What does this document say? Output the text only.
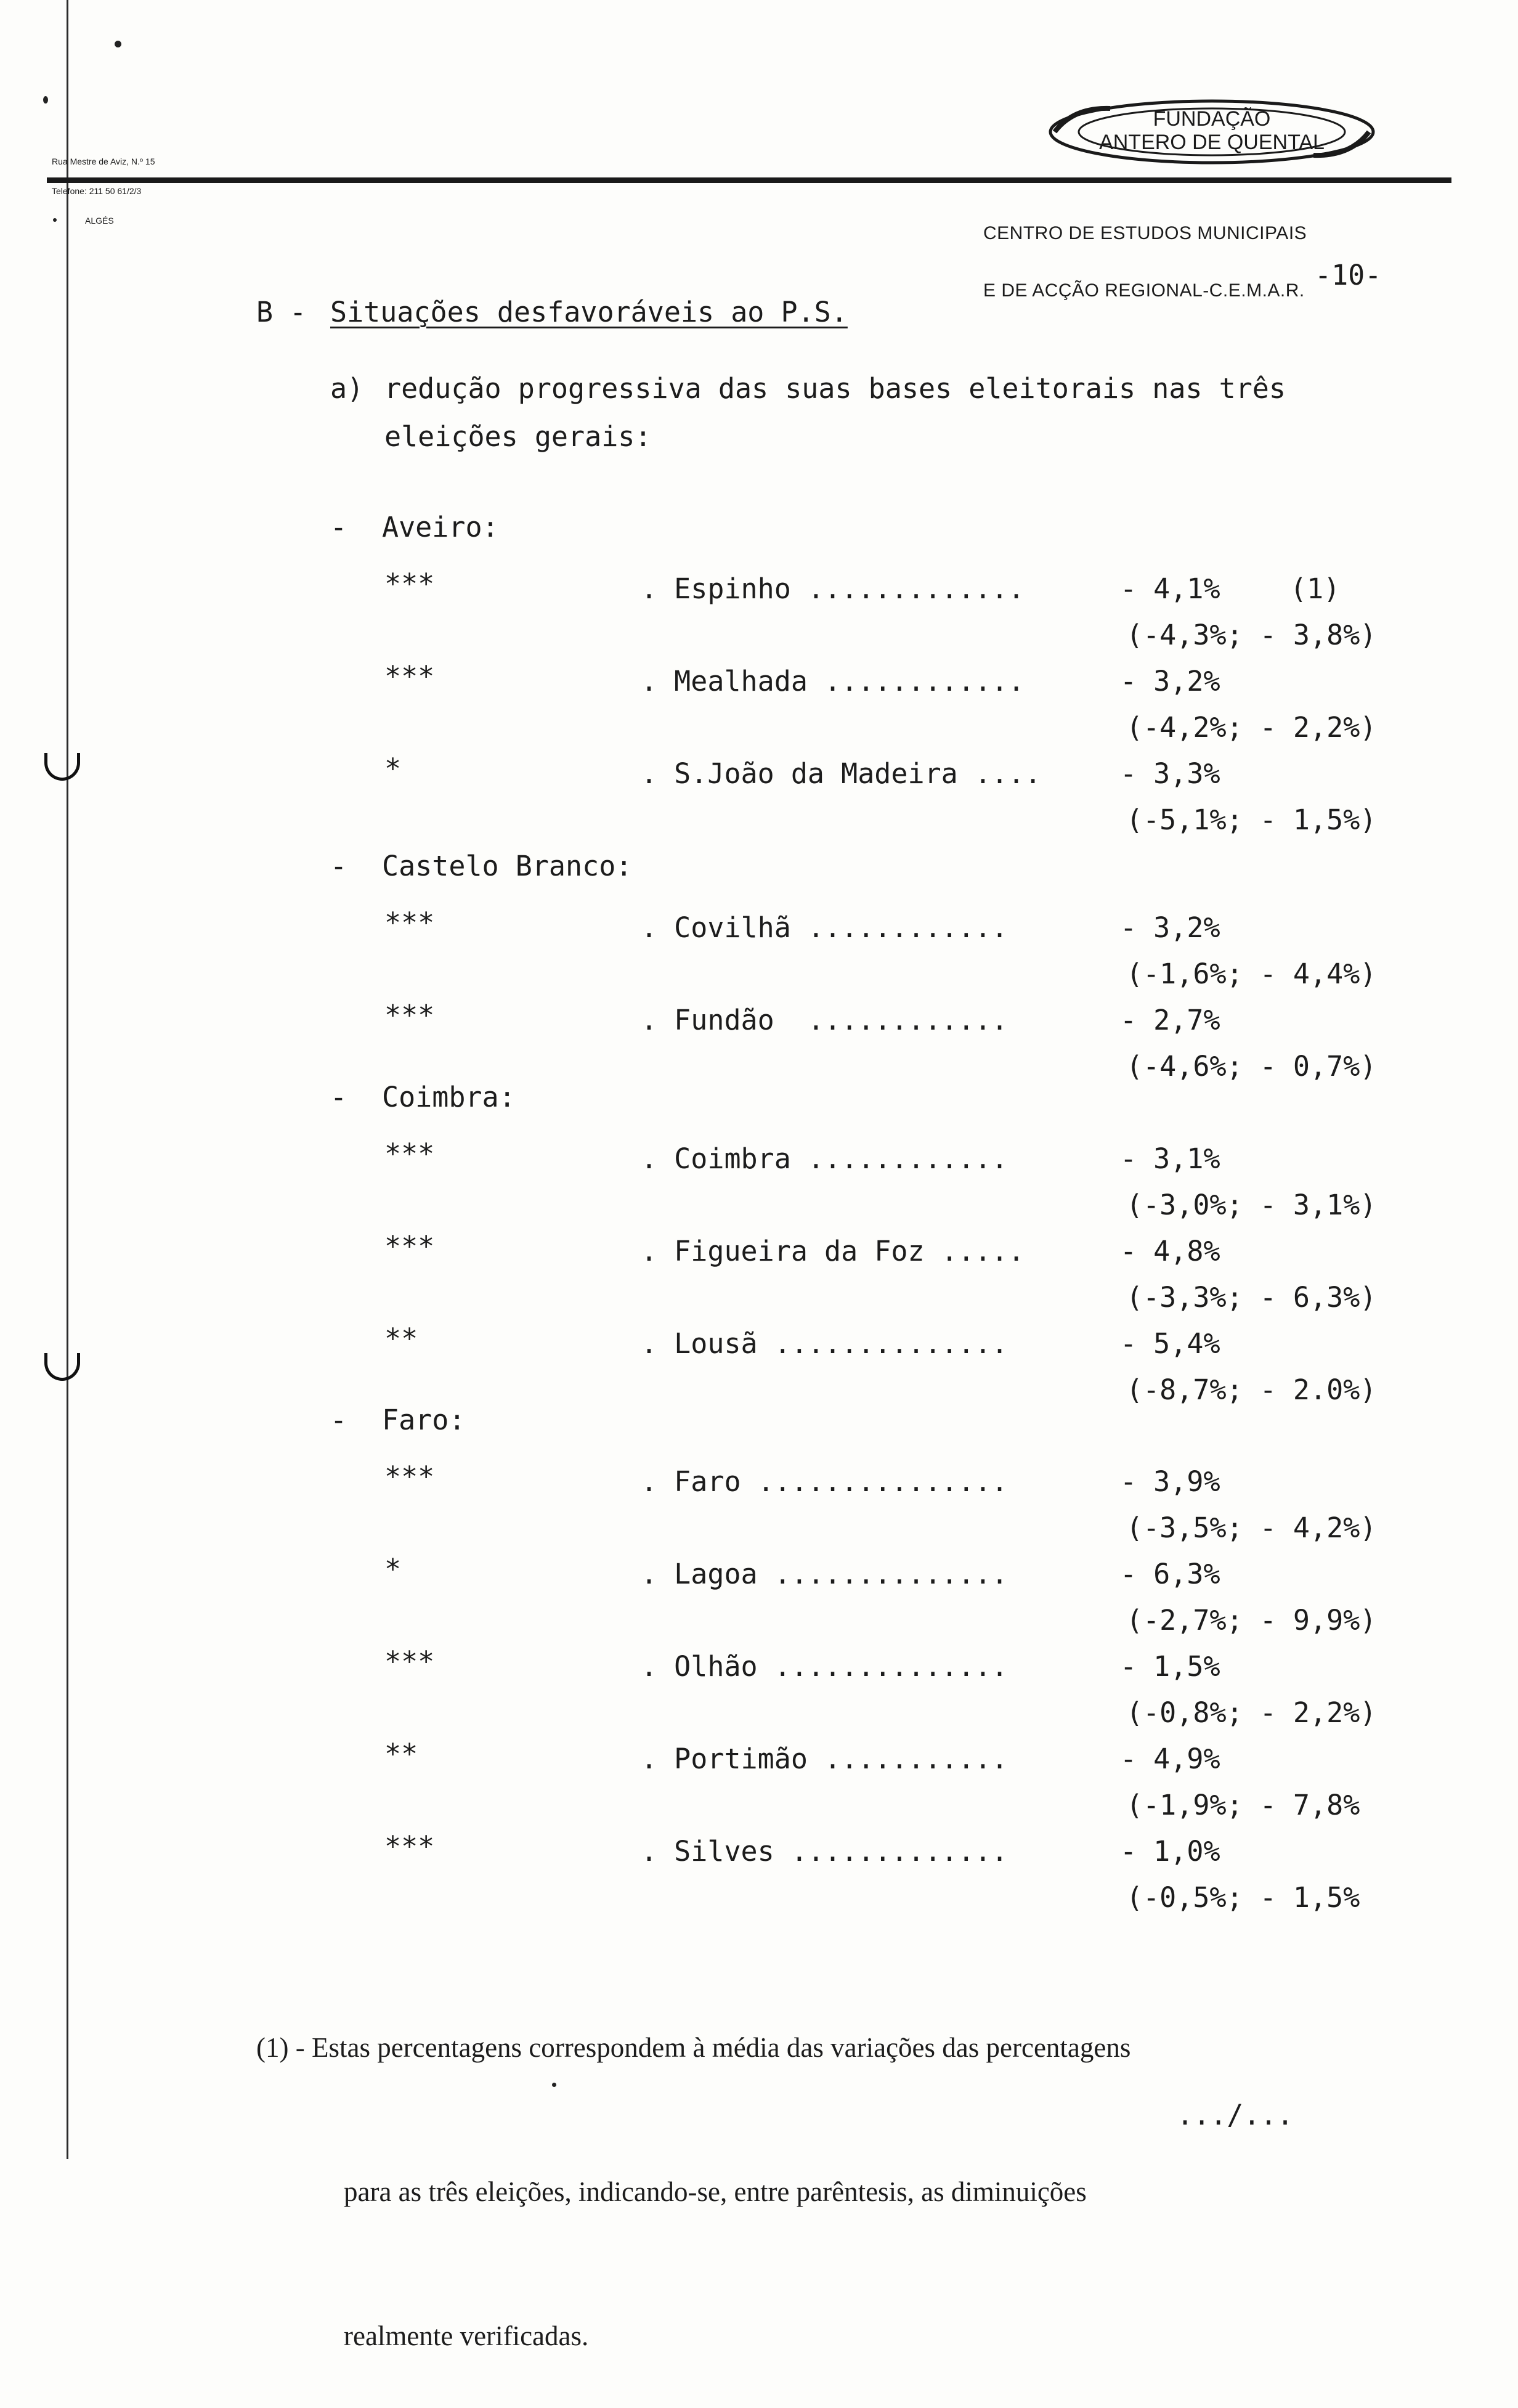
Rua Mestre de Aviz, N.º 15

Telefone: 211 50 61/2/3

ALGÉS

FUNDAÇÃO
ANTERO DE QUENTAL

CENTRO DE ESTUDOS MUNICIPAIS

E DE ACÇÃO REGIONAL-C.E.M.A.R. -10-
B - Situações desfavoráveis ao P.S.
a) redução progressiva das suas bases eleitorais nas três
eleições gerais:
- Aveiro:
***	. Espinho .............	- 4,1%	(1)
(-4,3%; - 3,8%)
***	. Mealhada ............	- 3,2%
(-4,2%; - 2,2%)
*	. S.João da Madeira ....	- 3,3%
(-5,1%; - 1,5%)
- Castelo Branco:
***	. Covilhã ............	- 3,2%
(-1,6%; - 4,4%)
***	. Fundão  ............	- 2,7%
(-4,6%; - 0,7%)
- Coimbra:
***	. Coimbra ............	- 3,1%
(-3,0%; - 3,1%)
***	. Figueira da Foz .....	- 4,8%
(-3,3%; - 6,3%)
**	. Lousã ..............	- 5,4%
(-8,7%; - 2.0%)
- Faro:
***	. Faro ...............	- 3,9%
(-3,5%; - 4,2%)
*	. Lagoa ..............	- 6,3%
(-2,7%; - 9,9%)
***	. Olhão ..............	- 1,5%
(-0,8%; - 2,2%)
**	. Portimão ...........	- 4,9%
(-1,9%; - 7,8%
***	. Silves .............	- 1,0%
(-0,5%; - 1,5%

(1) - Estas percentagens correspondem à média das variações das percentagens

para as três eleições, indicando-se, entre parêntesis, as diminuições

realmente verificadas.

.../...
